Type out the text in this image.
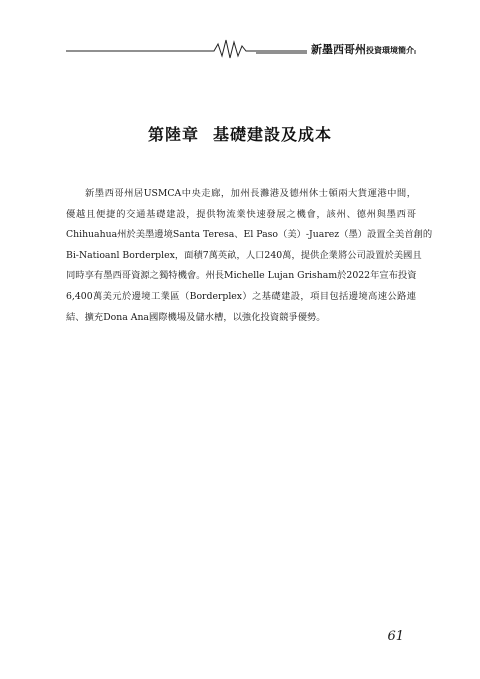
新墨西哥州投資環境簡介
第陸章 基礎建設及成本
新墨西哥州居USMCA中央走廊，加州長灘港及德州休士頓兩大貨運港中間，
優越且便捷的交通基礎建設，提供物流業快速發展之機會，該州、德州與墨西哥
Chihuahua州於美墨邊境Santa Teresa、El Paso（美）-Juarez（墨）設置全美首創的
Bi-Natioanl Borderplex，面積7萬英畝，人口240萬，提供企業將公司設置於美國且
同時享有墨西哥資源之獨特機會。州長Michelle Lujan Grisham於2022年宣布投資
6,400萬美元於邊境工業區（Borderplex）之基礎建設，項目包括邊境高速公路連
結、擴充Dona Ana國際機場及儲水槽，以強化投資競爭優勢。
61
